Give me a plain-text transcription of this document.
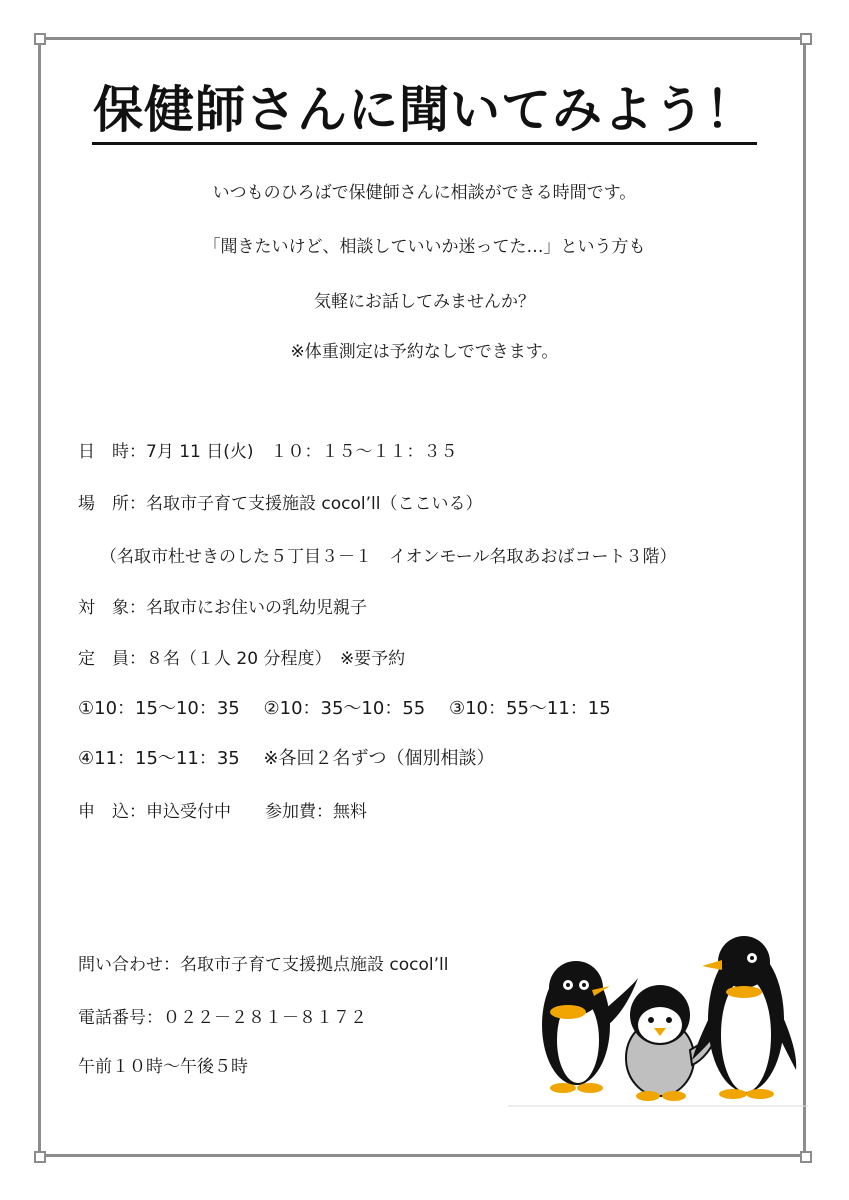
保健師さんに聞いてみよう！
いつものひろばで保健師さんに相談ができる時間です。
「聞きたいけど、相談していいか迷ってた…」という方も
気軽にお話してみませんか？
※体重測定は予約なしでできます。
日　時：7月 11 日(火)　１０：１５～１１：３５
場　所：名取市子育て支援施設 cocol’ll（ここいる）
（名取市杜せきのした５丁目３－１　イオンモール名取あおばコート３階）
対　象：名取市にお住いの乳幼児親子
定　員：８名（１人 20 分程度）　※要予約
①10：15～10：35　 ②10：35～10：55　 ③10：55～11：15
④11：15～11：35　 ※各回２名ずつ（個別相談）
申　込：申込受付中　　参加費：無料
問い合わせ：名取市子育て支援拠点施設 cocol’ll
電話番号：０２２－２８１－８１７２
午前１０時～午後５時
